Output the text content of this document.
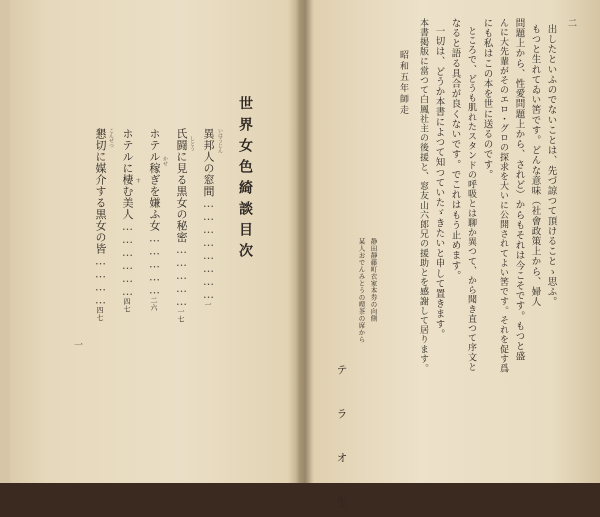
二
出したといふのでないことは、先づ諒つて頂けることゝ思ふ。
もつと生れてゐい筈です。どんな意味（社會政策上から、婦人
問題上から、性愛問題上から、されど）からもそれは今こそです。もつと盛
んに大先輩がそのエロ・グロの探求を大いに公開されてよい筈です。それを促す爲
にも私はこの本を世に送るのです。
ところで、どうも肌れたスタンドの呼吸とは聊か異つて、から聞き直つて序文と
なると語る具合が良くないです。でこれはもう止めます。
一切は、どうか本書によつて知つていたゞきたいと申して置きます。
本書掲版に當つて白鳳社主の後援と、窓友山六郎兄の援助とを感謝して居ります。
昭和五年師走
静田靜藤町衣家本券の向側
某人おでんみとうの喫茶の席から
テ ラ オ 生
世界女色綺談目次
いはうじん
異邦人の窓間……………………一
しとう
氏闘に見る黒女の秘密……………一七
かせ
ホテル稼ぎを嫌ふ女……………二六
す
ホテルに棲む美人………………四七
こんせつ
懇切に媒介する黒女の皆…………四七
一
